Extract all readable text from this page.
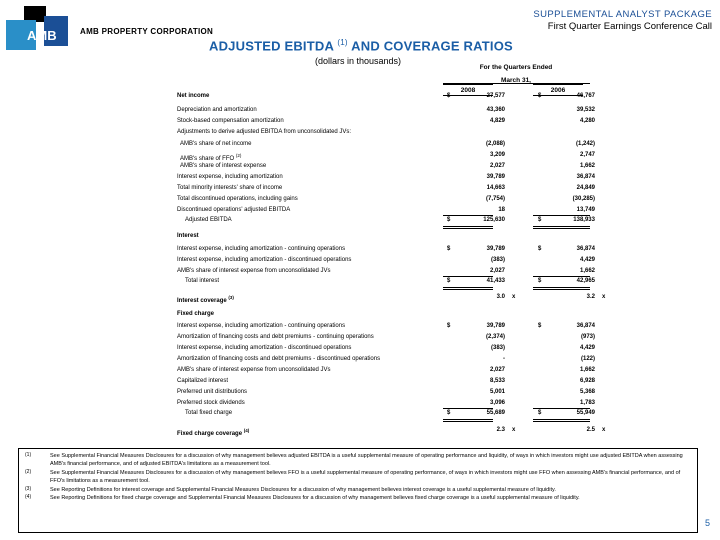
AMB	AMB PROPERTY CORPORATION
SUPPLEMENTAL ANALYST PACKAGE
First Quarter Earnings Conference Call
ADJUSTED EBITDA $^{(1)}$ AND COVERAGE RATIOS
(dollars in thousands)
For the Quarters Ended
March 31,
2008	2006
Net income	$	27,577	$	46,767
Depreciation and amortization	43,360	39,532
Stock-based compensation amortization	4,829	4,280
Adjustments to derive adjusted EBITDA from unconsolidated JVs:
AMB's share of net income	(2,088)	(1,242)
AMB's share of FFO $^{(2)}$	3,209	2,747
AMB's share of interest expense	2,027	1,662
Interest expense, including amortization	39,789	36,874
Total minority interests' share of income	14,663	24,849
Total discontinued operations, including gains	(7,754)	(30,285)
Discontinued operations' adjusted EBITDA	18	13,749
Adjusted EBITDA	$	125,630	$	138,933
Interest
Interest expense, including amortization - continuing operations	$	39,789	$	36,874
Interest expense, including amortization - discontinued operations	(383)	4,429
AMB's share of interest expense from unconsolidated JVs	2,027	1,662
Total interest	$	41,433	$	42,965
Interest coverage $^{(3)}$	3.0 x	3.2 x
Fixed charge
Interest expense, including amortization - continuing operations	$	39,789	$	36,874
Amortization of financing costs and debt premiums - continuing operations	(2,374)	(973)
Interest expense, including amortization - discontinued operations	(383)	4,429
Amortization of financing costs and debt premiums - discontinued operations	-	(122)
AMB's share of interest expense from unconsolidated JVs	2,027	1,662
Capitalized interest	8,533	6,928
Preferred unit distributions	5,001	5,368
Preferred stock dividends	3,096	1,783
Total fixed charge	$	55,689	$	55,949
Fixed charge coverage $^{(4)}$	2.3 x	2.5 x
(1)	See Supplemental Financial Measures Disclosures for a discussion of why management believes adjusted EBITDA is a useful supplemental measure of operating performance and liquidity, of ways in which investors might use adjusted EBITDA when assessing AMB's financial performance, and of adjusted EBITDA's limitations as a measurement tool.
(2)	See Supplemental Financial Measures Disclosures for a discussion of why management believes FFO is a useful supplemental measure of operating performance, of ways in which investors might use FFO when assessing AMB's financial performance, and of FFO's limitations as a measurement tool.
(3)	See Reporting Definitions for interest coverage and Supplemental Financial Measures Disclosures for a discussion of why management believes interest coverage is a useful supplemental measure of liquidity.
(4)	See Reporting Definitions for fixed charge coverage and Supplemental Financial Measures Disclosures for a discussion of why management believes fixed charge coverage is a useful supplemental measure of liquidity.
5
